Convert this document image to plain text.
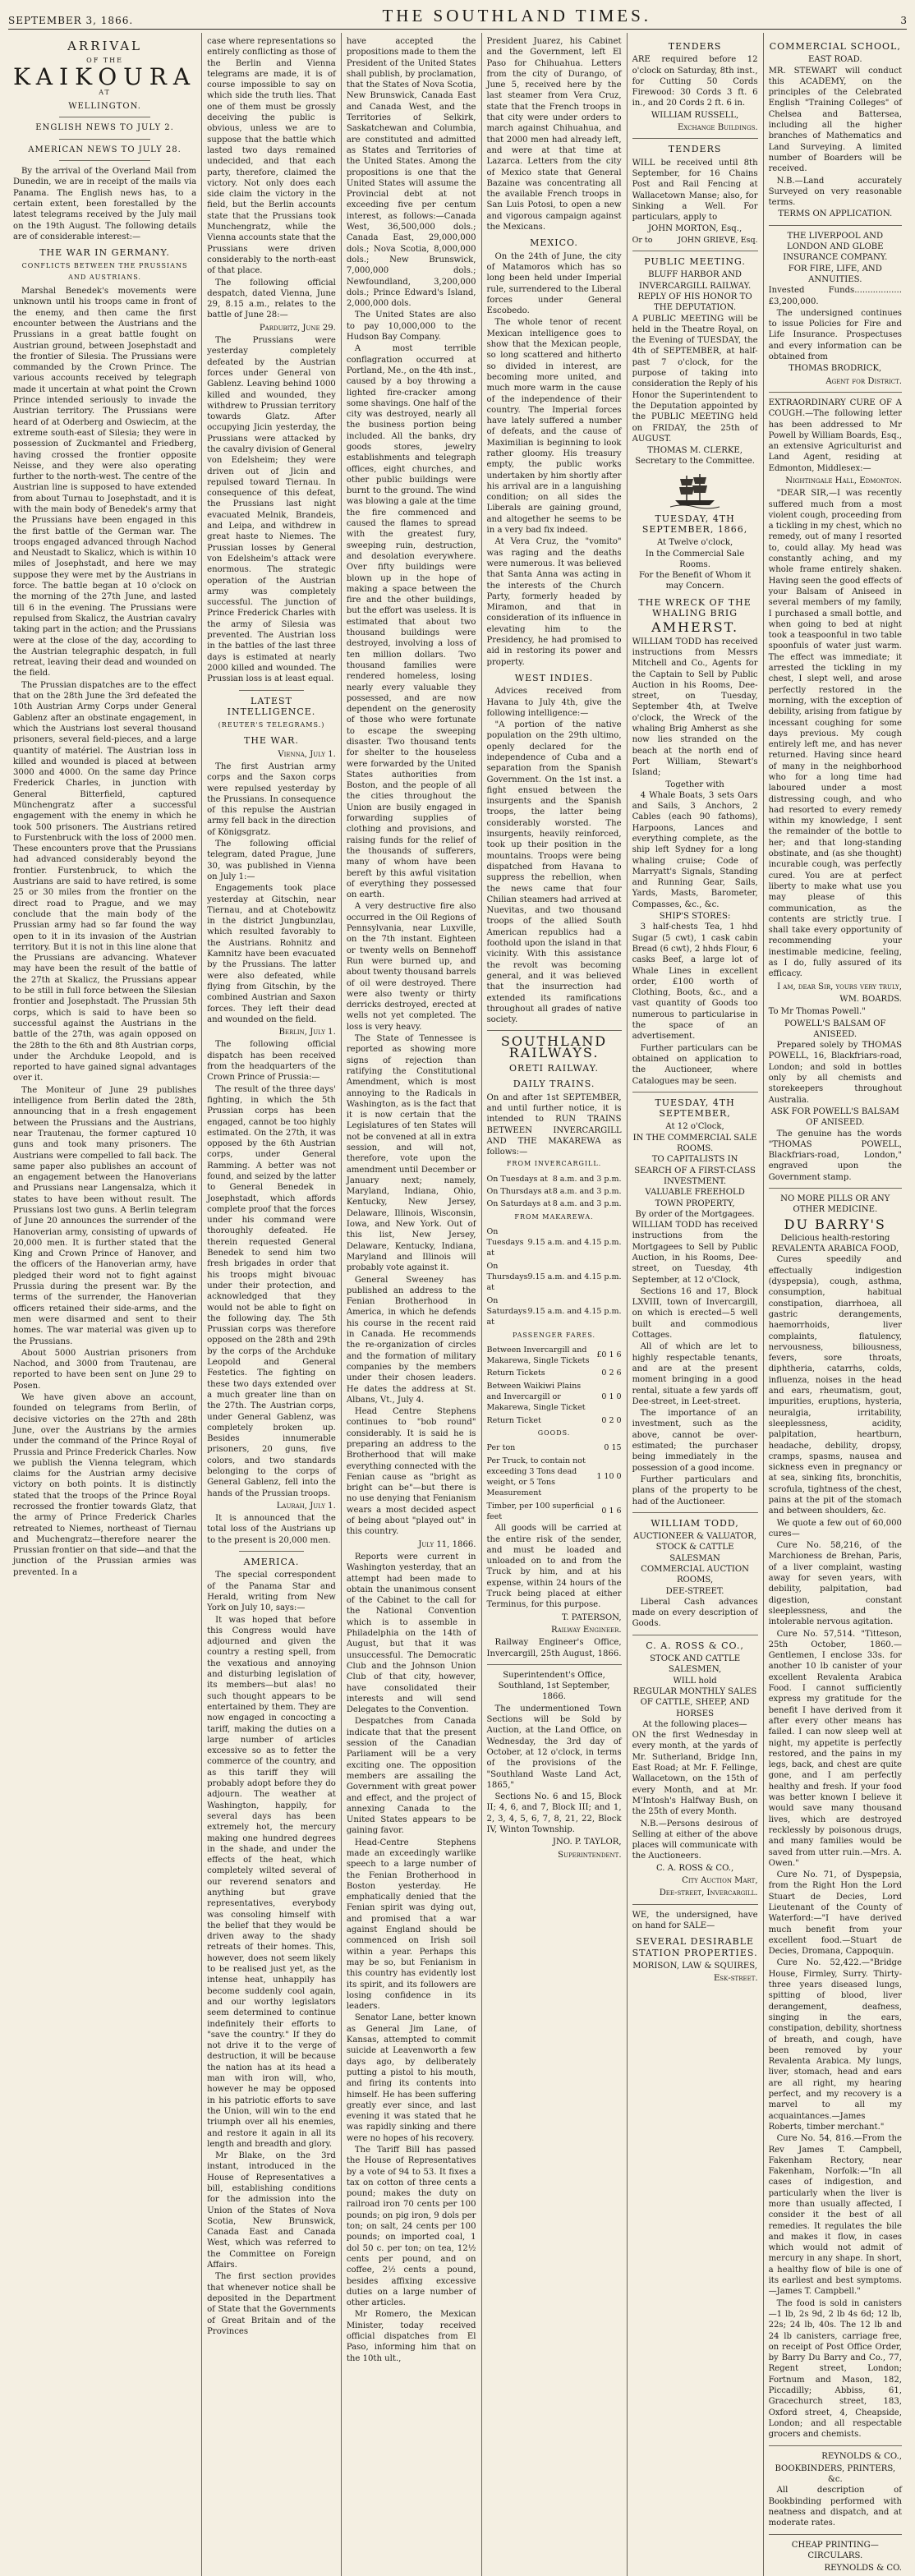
SEPTEMBER 3, 1866.	THE SOUTHLAND TIMES.	3
ARRIVAL
OF THE
KAIKOURA
AT
WELLINGTON.
ENGLISH NEWS TO JULY 2.
AMERICAN NEWS TO JULY 28.

By the arrival of the Overland Mail from Dunedin, we are in receipt of the mails via Panama. The English news has, to a certain extent, been forestalled by the latest telegrams received by the July mail on the 19th August. The following details are of considerable interest:—

THE WAR IN GERMANY.
CONFLICTS BETWEEN THE PRUSSIANS AND AUSTRIANS.

Marshal Benedek's movements were unknown until his troops came in front of the enemy, and then came the first encounter between the Austrians and the Prussians in a great battle fought on Austrian ground, between Josephstadt and the frontier of Silesia. The Prussians were commanded by the Crown Prince. The various accounts received by telegraph made it uncertain at what point the Crown Prince intended seriously to invade the Austrian territory. The Prussians were heard of at Oderberg and Oswiecim, at the extreme south-east of Silesia; they were in possession of Zuckmantel and Friedberg, having crossed the frontier opposite Neisse, and they were also operating further to the north-west. The centre of the Austrian line is supposed to have extended from about Turnau to Josephstadt, and it is with the main body of Benedek's army that the Prussians have been engaged in this the first battle of the German war. The troops engaged advanced through Nachod and Neustadt to Skalicz, which is within 10 miles of Josephstadt, and here we may suppose they were met by the Austrians in force. The battle began at 10 o'clock on the morning of the 27th June, and lasted till 6 in the evening. The Prussians were repulsed from Skalicz, the Austrian cavalry taking part in the action; and the Prussians were at the close of the day, according to the Austrian telegraphic despatch, in full retreat, leaving their dead and wounded on the field.

The Prussian dispatches are to the effect that on the 28th June the 3rd defeated the 10th Austrian Army Corps under General Gablenz after an obstinate engagement, in which the Austrians lost several thousand prisoners, several field-pieces, and a large quantity of matériel. The Austrian loss in killed and wounded is placed at between 3000 and 4000. On the same day Prince Frederick Charles, in junction with General Bitterfield, captured Münchengratz after a successful engagement with the enemy in which he took 500 prisoners. The Austrians retired to Furstenbruck with the loss of 2000 men. These encounters prove that the Prussians had advanced considerably beyond the frontier. Furstenbruck, to which the Austrians are said to have retired, is some 25 or 30 miles from the frontier on the direct road to Prague, and we may conclude that the main body of the Prussian army had so far found the way open to it in its invasion of the Austrian territory. But it is not in this line alone that the Prussians are advancing. Whatever may have been the result of the battle of the 27th at Skalicz, the Prussians appear to be still in full force between the Silesian frontier and Josephstadt. The Prussian 5th corps, which is said to have been so successful against the Austrians in the battle of the 27th, was again opposed on the 28th to the 6th and 8th Austrian corps, under the Archduke Leopold, and is reported to have gained signal advantages over it.

The Moniteur of June 29 publishes intelligence from Berlin dated the 28th, announcing that in a fresh engagement between the Prussians and the Austrians, near Trautenau, the former captured 10 guns and took many prisoners. The Austrians were compelled to fall back. The same paper also publishes an account of an engagement between the Hanoverians and Prussians near Langensalza, which it states to have been without result. The Prussians lost two guns. A Berlin telegram of June 20 announces the surrender of the Hanoverian army, consisting of upwards of 20,000 men. It is further stated that the King and Crown Prince of Hanover, and the officers of the Hanoverian army, have pledged their word not to fight against Prussia during the present war. By the terms of the surrender, the Hanoverian officers retained their side-arms, and the men were disarmed and sent to their homes. The war material was given up to the Prussians.

About 5000 Austrian prisoners from Nachod, and 3000 from Trautenau, are reported to have been sent on June 29 to Posen.

We have given above an account, founded on telegrams from Berlin, of decisive victories on the 27th and 28th June, over the Austrians by the armies under the command of the Prince Royal of Prussia and Prince Frederick Charles. Now we publish the Vienna telegram, which claims for the Austrian army decisive victory on both points. It is distinctly stated that the troops of the Prince Royal recrossed the frontier towards Glatz, that the army of Prince Frederick Charles retreated to Niemes, northeast of Tiernau and Muchengratz—therefore nearer the Prussian frontier on that side—and that the junction of the Prussian armies was prevented. In a

case where representations so entirely conflicting as those of the Berlin and Vienna telegrams are made, it is of course impossible to say on which side the truth lies. That one of them must be grossly deceiving the public is obvious, unless we are to suppose that the battle which lasted two days remained undecided, and that each party, therefore, claimed the victory. Not only does each side claim the victory in the field, but the Berlin accounts state that the Prussians took Munchengratz, while the Vienna accounts state that the Prussians were driven considerably to the north-east of that place.

The following official despatch, dated Vienna, June 29, 8.15 a.m., relates to the battle of June 28:—

Pardubitz, June 29.

The Prussians were yesterday completely defeated by the Austrian forces under General von Gablenz. Leaving behind 1000 killed and wounded, they withdrew to Prussian territory towards Glatz. After occupying Jicin yesterday, the Prussians were attacked by the cavalry division of General von Edelsheim; they were driven out of Jicin and repulsed toward Tiernau. In consequence of this defeat, the Prussians last night evacuated Melnik, Brandeis, and Leipa, and withdrew in great haste to Niemes. The Prussian losses by General von Edelsheim's attack were enormous. The strategic operation of the Austrian army was completely successful. The junction of Prince Frederick Charles with the army of Silesia was prevented. The Austrian loss in the battles of the last three days is estimated at nearly 2000 killed and wounded. The Prussian loss is at least equal.

LATEST INTELLIGENCE.
(REUTER'S TELEGRAMS.)
THE WAR.
Vienna, July 1.

The first Austrian army corps and the Saxon corps were repulsed yesterday by the Prussians. In consequence of this repulse the Austrian army fell back in the direction of Königsgratz.

The following official telegram, dated Prague, June 30, was published in Vienna on July 1:—

Engagements took place yesterday at Gitschin, near Tiernau, and at Chotebowitz in the district Jungbunzlau, which resulted favorably to the Austrians. Rohnitz and Kamnitz have been evacuated by the Prussians. The latter were also defeated, while flying from Gitschin, by the combined Austrian and Saxon forces. They left their dead and wounded on the field.

Berlin, July 1.

The following official dispatch has been received from the headquarters of the Crown Prince of Prussia:—

The result of the three days' fighting, in which the 5th Prussian corps has been engaged, cannot be too highly estimated. On the 27th, it was opposed by the 6th Austrian corps, under General Ramming. A better was not found, and seized by the latter to General Benedek in Josephstadt, which affords complete proof that the forces under his command were thoroughly defeated. He therein requested General Benedek to send him two fresh brigades in order that his troops might bivouac under their protection, and acknowledged that they would not be able to fight on the following day. The 5th Prussian corps was therefore opposed on the 28th and 29th by the corps of the Archduke Leopold and General Festetics. The fighting on these two days extended over a much greater line than on the 27th. The Austrian corps, under General Gablenz, was completely broken up. Besides innumerable prisoners, 20 guns, five colors, and two standards belonging to the corps of General Gablenz, fell into the hands of the Prussian troops.

Laurah, July 1.

It is announced that the total loss of the Austrians up to the present is 20,000 men.

AMERICA.

The special correspondent of the Panama Star and Herald, writing from New York on July 10, says:—

It was hoped that before this Congress would have adjourned and given the country a resting spell, from the vexatious and annoying and disturbing legislation of its members—but alas! no such thought appears to be entertained by them. They are now engaged in concocting a tariff, making the duties on a large number of articles excessive so as to fetter the commerce of the country, and as this tariff they will probably adopt before they do adjourn. The weather at Washington, happily, for several days has been extremely hot, the mercury making one hundred degrees in the shade, and under the effects of the heat, which completely wilted several of our reverend senators and anything but grave representatives, everybody was consoling himself with the belief that they would be driven away to the shady retreats of their homes. This, however, does not seem likely to be realised just yet, as the intense heat, unhappily has become suddenly cool again, and our worthy legislators seem determined to continue indefinitely their efforts to "save the country." If they do not drive it to the verge of destruction, it will be because the nation has at its head a man with iron will, who, however he may be opposed in his patriotic efforts to save the Union, will win to the end triumph over all his enemies, and restore it again in all its length and breadth and glory.

Mr Blake, on the 3rd instant, introduced in the House of Representatives a bill, establishing conditions for the admission into the Union of the States of Nova Scotia, New Brunswick, Canada East and Canada West, which was referred to the Committee on Foreign Affairs.

The first section provides that whenever notice shall be deposited in the Department of State that the Governments of Great Britain and of the Provinces

have accepted the propositions made to them the President of the United States shall publish, by proclamation, that the States of Nova Scotia, New Brunswick, Canada East and Canada West, and the Territories of Selkirk, Saskatchewan and Columbia, are constituted and admitted as States and Territories of the United States. Among the propositions is one that the United States will assume the Provincial debt at not exceeding five per centum interest, as follows:—Canada West, 36,500,000 dols.; Canada East, 29,000,000 dols.; Nova Scotia, 8,000,000 dols.; New Brunswick, 7,000,000 dols.; Newfoundland, 3,200,000 dols.; Prince Edward's Island, 2,000,000 dols.

The United States are also to pay 10,000,000 to the Hudson Bay Company.

A most terrible conflagration occurred at Portland, Me., on the 4th inst., caused by a boy throwing a lighted fire-cracker among some shavings. One half of the city was destroyed, nearly all the business portion being included. All the banks, dry goods stores, jewelry establishments and telegraph offices, eight churches, and other public buildings were burnt to the ground. The wind was blowing a gale at the time the fire commenced and caused the flames to spread with the greatest fury, sweeping ruin, destruction, and desolation everywhere. Over fifty buildings were blown up in the hope of making a space between the fire and the other buildings, but the effort was useless. It is estimated that about two thousand buildings were destroyed, involving a loss of ten million dollars. Two thousand families were rendered homeless, losing nearly every valuable they possessed, and are now dependent on the generosity of those who were fortunate to escape the sweeping disaster. Two thousand tents for shelter to the houseless were forwarded by the United States authorities from Boston, and the people of all the cities throughout the Union are busily engaged in forwarding supplies of clothing and provisions, and raising funds for the relief of the thousands of sufferers, many of whom have been bereft by this awful visitation of everything they possessed on earth.

A very destructive fire also occurred in the Oil Regions of Pennsylvania, near Luxville, on the 7th instant. Eighteen or twenty wells on Bennehoff Run were burned up, and about twenty thousand barrels of oil were destroyed. There were also twenty or thirty derricks destroyed, erected at wells not yet completed. The loss is very heavy.

The State of Tennessee is reported as showing more signs of rejection than ratifying the Constitutional Amendment, which is most annoying to the Radicals in Washington, as is the fact that it is now certain that the Legislatures of ten States will not be convened at all in extra session, and will not, therefore, vote upon the amendment until December or January next; namely, Maryland, Indiana, Ohio, Kentucky, New Jersey, Delaware, Illinois, Wisconsin, Iowa, and New York. Out of this list, New Jersey, Delaware, Kentucky, Indiana, Maryland and Illinois will probably vote against it.

General Sweeney has published an address to the Fenian Brotherhood in America, in which he defends his course in the recent raid in Canada. He recommends the re-organization of circles and the formation of military companies by the members under their chosen leaders. He dates the address at St. Albans, Vt., July 4.

Head Centre Stephens continues to "bob round" considerably. It is said he is preparing an address to the Brotherhood that will make everything connected with the Fenian cause as "bright as bright can be"—but there is no use denying that Fenianism wears a most decided aspect of being about "played out" in this country.

July 11, 1866.

Reports were current in Washington yesterday, that an attempt had been made to obtain the unanimous consent of the Cabinet to the call for the National Convention which is to assemble in Philadelphia on the 14th of August, but that it was unsuccessful. The Democratic Club and the Johnson Union Club of that city, however, have consolidated their interests and will send Delegates to the Convention.

Despatches from Canada indicate that that the present session of the Canadian Parliament will be a very exciting one. The opposition members are assailing the Government with great power and effect, and the project of annexing Canada to the United States appears to be gaining favor.

Head-Centre Stephens made an exceedingly warlike speech to a large number of the Fenian Brotherhood in Boston yesterday. He emphatically denied that the Fenian spirit was dying out, and promised that a war against England should be commenced on Irish soil within a year. Perhaps this may be so, but Fenianism in this country has evidently lost its spirit, and its followers are losing confidence in its leaders.

Senator Lane, better known as General Jim Lane, of Kansas, attempted to commit suicide at Leavenworth a few days ago, by deliberately putting a pistol to his mouth, and firing its contents into himself. He has been suffering greatly ever since, and last evening it was stated that he was rapidly sinking and there were no hopes of his recovery.

The Tariff Bill has passed the House of Representatives by a vote of 94 to 53. It fixes a tax on cotton of three cents a pound; makes the duty on railroad iron 70 cents per 100 pounds; on pig iron, 9 dols per ton; on salt, 24 cents per 100 pounds; on imported coal, 1 dol 50 c. per ton; on tea, 12½ cents per pound, and on coffee, 2½ cents a pound, besides affixing excessive duties on a large number of other articles.

Mr Romero, the Mexican Minister, today received official dispatches from El Paso, informing him that on the 10th ult.,

President Juarez, his Cabinet and the Government, left El Paso for Chihuahua. Letters from the city of Durango, of June 5, received here by the last steamer from Vera Cruz, state that the French troops in that city were under orders to march against Chihuahua, and that 2000 men had already left, and were at that time at Lazarca. Letters from the city of Mexico state that General Bazaine was concentrating all the available French troops in San Luis Potosi, to open a new and vigorous campaign against the Mexicans.

MEXICO.

On the 24th of June, the city of Matamoros which has so long been held under Imperial rule, surrendered to the Liberal forces under General Escobedo.

The whole tenor of recent Mexican intelligence goes to show that the Mexican people, so long scattered and hitherto so divided in interest, are becoming more united, and much more warm in the cause of the independence of their country. The Imperial forces have lately suffered a number of defeats, and the cause of Maximilian is beginning to look rather gloomy. His treasury empty, the public works undertaken by him shortly after his arrival are in a languishing condition; on all sides the Liberals are gaining ground, and altogether he seems to be in a very bad fix indeed.

At Vera Cruz, the "vomito" was raging and the deaths were numerous. It was believed that Santa Anna was acting in the interests of the Church Party, formerly headed by Miramon, and that in consideration of its influence in elevating him to the Presidency, he had promised to aid in restoring its power and property.

WEST INDIES.

Advices received from Havana to July 4th, give the following intelligence:—

"A portion of the native population on the 29th ultimo, openly declared for the independence of Cuba and a separation from the Spanish Government. On the 1st inst. a fight ensued between the insurgents and the Spanish troops, the latter being considerably worsted. The insurgents, heavily reinforced, took up their position in the mountains. Troops were being dispatched from Havana to suppress the rebellion, when the news came that four Chilian steamers had arrived at Nuevitas, and two thousand troops of the allied South American republics had a foothold upon the island in that vicinity. With this assistance the revolt was becoming general, and it was believed that the insurrection had extended its ramifications throughout all grades of native society.

SOUTHLAND RAILWAYS.
ORETI RAILWAY.
DAILY TRAINS.

On and after 1st SEPTEMBER, and until further notice, it is intended to RUN TRAINS BETWEEN INVERCARGILL AND THE MAKAREWA as follows:—

FROM INVERCARGILL.
On Tuesdays at	8 a.m. and 3 p.m.
On Thursdays at	8 a.m. and 3 p.m.
On Saturdays at	8 a.m. and 3 p.m.
FROM MAKAREWA.
On Tuesdays at	9.15 a.m. and 4.15 p.m.
On Thursdays at	9.15 a.m. and 4.15 p.m.
On Saturdays at	9.15 a.m. and 4.15 p.m.
PASSENGER FARES.
Between Invercargill and Makarewa, Single Tickets	£0 1 6
Return Tickets	0 2 6
Between Waikiwi Plains and Invercargill or Makarewa, Single Ticket	0 1 0
Return Ticket	0 2 0
GOODS.
Per ton	0 15
Per Truck, to contain not exceeding 3 Tons dead weight, or 5 Tons Measurement	1 10 0
Timber, per 100 superficial feet	0 1 6

All goods will be carried at the entire risk of the sender, and must be loaded and unloaded on to and from the Truck by him, and at his expense, within 24 hours of the Truck being placed at either Terminus, for this purpose.

T. PATERSON,
Railway Engineer.

Railway Engineer's Office, Invercargill, 25th August, 1866.

Superintendent's Office, Southland, 1st September, 1866.

The undermentioned Town Sections will be Sold by Auction, at the Land Office, on Wednesday, the 3rd day of October, at 12 o'clock, in terms of the provisions of the "Southland Waste Land Act, 1865,"

Sections No. 6 and 15, Block II; 4, 6, and 7, Block III; and 1, 2, 3, 4, 5, 6, 7, 8, 21, 22, Block IV, Winton Township.

JNO. P. TAYLOR,
Superintendent.
TENDERS

ARE required before 12 o'clock on Saturday, 8th inst., for Cutting 50 Cords Firewood: 30 Cords 3 ft. 6 in., and 20 Cords 2 ft. 6 in.

WILLIAM RUSSELL,
Exchange Buildings.
TENDERS

WILL be received until 8th September, for 16 Chains Post and Rail Fencing at Wallacetown Manse; also, for Sinking a Well. For particulars, apply to

JOHN MORTON, Esq.,
Or to	JOHN GRIEVE, Esq.
PUBLIC MEETING.
BLUFF HARBOR AND INVERCARGILL RAILWAY.
REPLY OF HIS HONOR TO THE DEPUTATION.

A PUBLIC MEETING will be held in the Theatre Royal, on the Evening of TUESDAY, the 4th of SEPTEMBER, at half-past 7 o'clock, for the purpose of taking into consideration the Reply of his Honor the Superintendent to the Deputation appointed by the PUBLIC MEETING held on FRIDAY, the 25th of AUGUST.

THOMAS M. CLERKE,
Secretary to the Committee.
TUESDAY, 4TH SEPTEMBER, 1866,
At Twelve o'clock,
In the Commercial Sale Rooms.
For the Benefit of Whom it may Concern.
THE WRECK OF THE WHALING BRIG
AMHERST.

WILLIAM TODD has received instructions from Messrs Mitchell and Co., Agents for the Captain to Sell by Public Auction in his Rooms, Dee-street, on Tuesday, September 4th, at Twelve o'clock, the Wreck of the whaling Brig Amherst as she now lies stranded on the beach at the north end of Port William, Stewart's Island;

Together with

4 Whale Boats, 3 sets Oars and Sails, 3 Anchors, 2 Cables (each 90 fathoms), Harpoons, Lances and everything complete, as the ship left Sydney for a long whaling cruise; Code of Marryatt's Signals, Standing and Running Gear, Sails, Yards, Masts, Barometer, Compasses, &c., &c.

SHIP'S STORES:

3 half-chests Tea, 1 hhd Sugar (5 cwt), 1 cask cabin Bread (6 cwt), 2 hhds Flour, 6 casks Beef, a large lot of Whale Lines in excellent order, £100 worth of Clothing, Boots, &c., and a vast quantity of Goods too numerous to particularise in the space of an advertisement.

Further particulars can be obtained on application to the Auctioneer, where Catalogues may be seen.

TUESDAY, 4TH SEPTEMBER,
At 12 o'Clock,
IN THE COMMERCIAL SALE ROOMS.
TO CAPITALISTS IN SEARCH OF A FIRST-CLASS INVESTMENT.
VALUABLE FREEHOLD TOWN PROPERTY,
By order of the Mortgagees.

WILLIAM TODD has received instructions from the Mortgagees to Sell by Public Auction, in his Rooms, Dee-street, on Tuesday, 4th September, at 12 o'Clock,

Sections 16 and 17, Block LXVIII, town of Invercargill, on which is erected—5 well built and commodious Cottages.

All of which are let to highly respectable tenants, and are at the present moment bringing in a good rental, situate a few yards off Dee-street, in Leet-street.

The importance of an investment, such as the above, cannot be over-estimated; the purchaser being immediately in the possession of a good income.

Further particulars and plans of the property to be had of the Auctioneer.

WILLIAM TODD,
AUCTIONEER & VALUATOR,
STOCK & CATTLE SALESMAN
COMMERCIAL AUCTION ROOMS,
DEE-STREET.

Liberal Cash advances made on every description of Goods.

C. A. ROSS & CO.,
STOCK AND CATTLE SALESMEN,
WILL hold
REGULAR MONTHLY SALES OF CATTLE, SHEEP, AND HORSES
At the following places—

ON the first Wednesday in every month, at the yards of Mr. Sutherland, Bridge Inn, East Road; at Mr. F. Fellinge, Wallacetown, on the 15th of every Month, and at Mr. M'Intosh's Halfway Bush, on the 25th of every Month.

N.B.—Persons desirous of Selling at either of the above places will communicate with the Auctioneers.

C. A. ROSS & CO.,
City Auction Mart,
Dee-street, Invercargill.

WE, the undersigned, have on hand for SALE—

SEVERAL DESIRABLE STATION PROPERTIES.
MORISON, LAW & SQUIRES,
Esk-street.
COMMERCIAL SCHOOL,
EAST ROAD.

MR. STEWART will conduct this ACADEMY, on the principles of the Celebrated English "Training Colleges" of Chelsea and Battersea, including all the higher branches of Mathematics and Land Surveying. A limited number of Boarders will be received.

N.B.—Land accurately Surveyed on very reasonable terms.

TERMS ON APPLICATION.
THE LIVERPOOL AND LONDON AND GLOBE INSURANCE COMPANY.
FOR FIRE, LIFE, AND ANNUITIES.

Invested Funds..................£3,200,000.

The undersigned continues to issue Policies for Fire and Life Insurance. Prospectuses and every information can be obtained from

THOMAS BRODRICK,
Agent for District.

EXTRAORDINARY CURE OF A COUGH.—The following letter has been addressed to Mr Powell by William Boards, Esq., an extensive Agriculturist and Land Agent, residing at Edmonton, Middlesex:—

Nightingale Hall, Edmonton.

"DEAR SIR,—I was recently suffered much from a most violent cough, proceeding from a tickling in my chest, which no remedy, out of many I resorted to, could allay. My head was constantly aching, and my whole frame entirely shaken. Having seen the good effects of your Balsam of Aniseed in several members of my family, I purchased a small bottle, and when going to bed at night took a teaspoonful in two table spoonfuls of water just warm. The effect was immediate; it arrested the tickling in my chest, I slept well, and arose perfectly restored in the morning, with the exception of debility, arising from fatigue by incessant coughing for some days previous. My cough entirely left me, and has never returned. Having since heard of many in the neighborhood who for a long time had laboured under a most distressing cough, and who had resorted to every remedy within my knowledge, I sent the remainder of the bottle to her; and that long-standing obstinate, and (as she thought) incurable cough, was perfectly cured. You are at perfect liberty to make what use you may please of this communication, as the contents are strictly true. I shall take every opportunity of recommending your inestimable medicine, feeling, as I do, fully assured of its efficacy.

I am, dear Sir, yours very truly,
WM. BOARDS.

To Mr Thomas Powell."

POWELL'S BALSAM OF ANISEED.

Prepared solely by THOMAS POWELL, 16, Blackfriars-road, London; and sold in bottles only by all chemists and storekeepers throughout Australia.

ASK FOR POWELL'S BALSAM OF ANISEED.

The genuine has the words "THOMAS POWELL, Blackfriars-road, London," engraved upon the Government stamp.

NO MORE PILLS OR ANY OTHER MEDICINE.
DU BARRY'S
Delicious health-restoring
REVALENTA ARABICA FOOD,

Cures speedily and effectually indigestion (dyspepsia), cough, asthma, consumption, habitual constipation, diarrhoea, all gastric derangements, haemorrhoids, liver complaints, flatulency, nervousness, biliousness, fevers, sore throats, diphtheria, catarrhs, colds, influenza, noises in the head and ears, rheumatism, gout, impurities, eruptions, hysteria, neuralgia, irritability, sleeplessness, acidity, palpitation, heartburn, headache, debility, dropsy, cramps, spasms, nausea and sickness even in pregnancy or at sea, sinking fits, bronchitis, scrofula, tightness of the chest, pains at the pit of the stomach and between shoulders, &c.

We quote a few out of 60,000 cures—

Cure No. 58,216, of the Marchioness de Brehan, Paris, of a liver complaint, wasting away for seven years, with debility, palpitation, bad digestion, constant sleeplessness, and the intolerable nervous agitation.

Cure No. 57,514. "Titteson, 25th October, 1860.—Gentlemen, I enclose 33s. for another 10 lb canister of your excellent Revalenta Arabica Food. I cannot sufficiently express my gratitude for the benefit I have derived from it after every other means has failed. I can now sleep well at night, my appetite is perfectly restored, and the pains in my legs, back, and chest are quite gone, and I am perfectly healthy and fresh. If your food was better known I believe it would save many thousand lives, which are destroyed recklessly by poisonous drugs, and many families would be saved from utter ruin.—Mrs. A. Owen."

Cure No. 71, of Dyspepsia, from the Right Hon the Lord Stuart de Decies, Lord Lieutenant of the County of Waterford:—"I have derived much benefit from your excellent food.—Stuart de Decies, Dromana, Cappoquin.

Cure No. 52,422.—"Bridge House, Firmley, Surry. Thirty-three years diseased lungs, spitting of blood, liver derangement, deafness, singing in the ears, constipation, debility, shortness of breath, and cough, have been removed by your Revalenta Arabica. My lungs, liver, stomach, head and ears are all right, my hearing perfect, and my recovery is a marvel to all my acquaintances.—James Roberts, timber merchant."

Cure No. 54, 816.—From the Rev James T. Campbell, Fakenham Rectory, near Fakenham, Norfolk:—"In all cases of indigestion, and particularly when the liver is more than usually affected, I consider it the best of all remedies. It regulates the bile and makes it flow, in cases which would not admit of mercury in any shape. In short, a healthy flow of bile is one of its earliest and best symptoms.—James T. Campbell."

The food is sold in canisters—1 lb, 2s 9d, 2 lb 4s 6d; 12 lb, 22s; 24 lb, 40s. The 12 lb and 24 lb canisters, carriage free, on receipt of Post Office Order, by Barry Du Barry and Co., 77, Regent street, London; Fortnum and Mason, 182, Piccadilly; Abbiss, 61, Gracechurch street, 183, Oxford street, 4, Cheapside, London; and all respectable grocers and chemists.

REYNOLDS & CO.,
BOOKBINDERS, PRINTERS, &c.

All description of Bookbinding performed with neatness and dispatch, and at moderate rates.

CHEAP PRINTING—CIRCULARS.
REYNOLDS & CO.
